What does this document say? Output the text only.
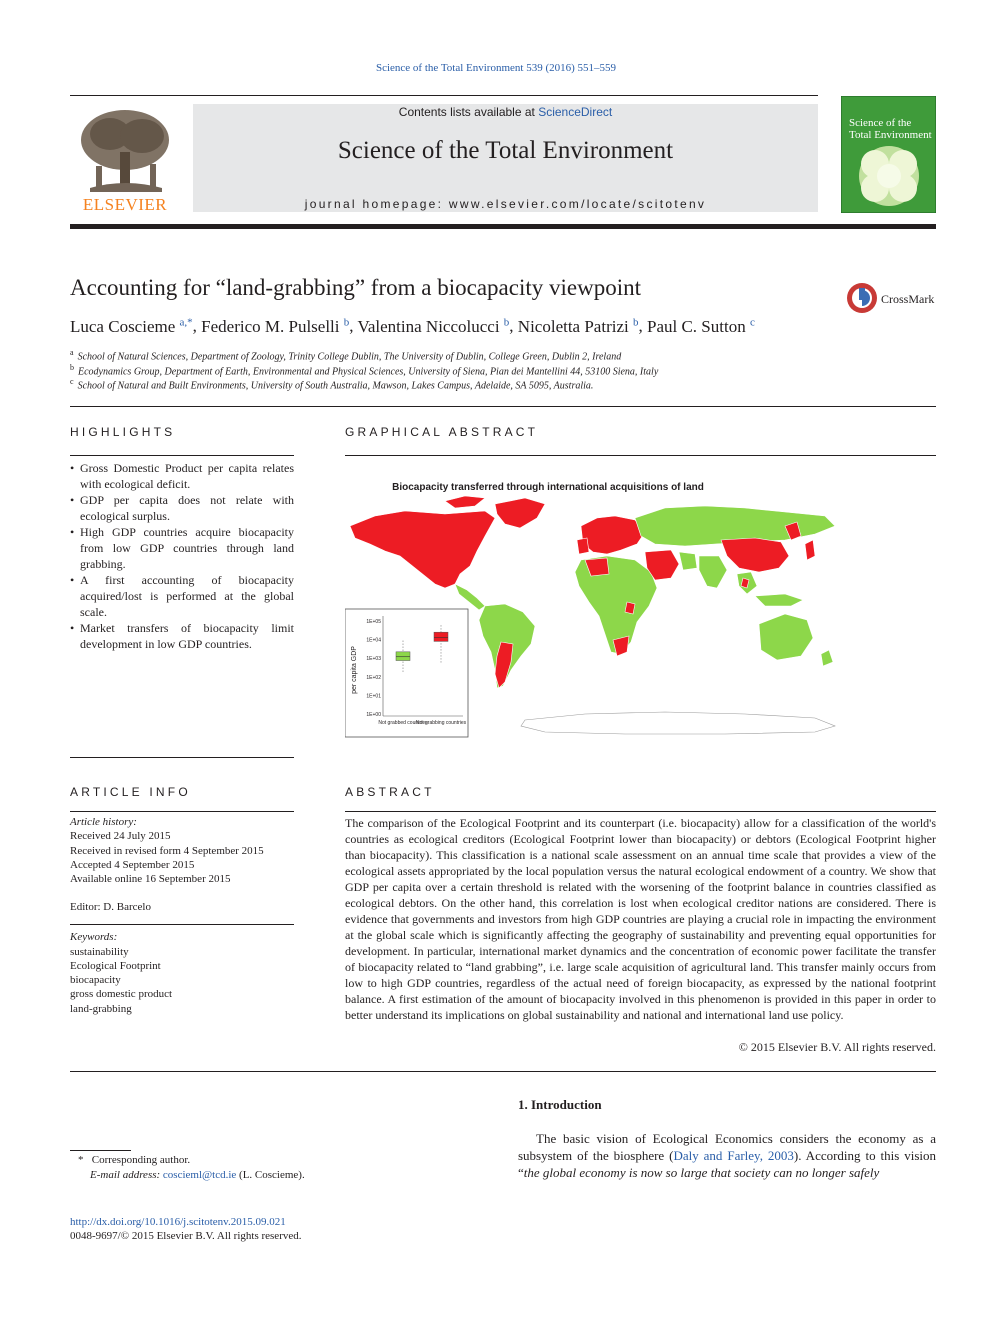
Science of the Total Environment 539 (2016) 551–559
ELSEVIER
Contents lists available at ScienceDirect
Science of the Total Environment
journal homepage: www.elsevier.com/locate/scitotenv
Science of the
Total Environment
Accounting for “land-grabbing” from a biocapacity viewpoint	CrossMark
Luca Coscieme $^{a,*}$, Federico M. Pulselli $^b$, Valentina Niccolucci $^b$, Nicoletta Patrizi $^b$, Paul C. Sutton $^c$
$^a$ School of Natural Sciences, Department of Zoology, Trinity College Dublin, The University of Dublin, College Green, Dublin 2, Ireland
$^b$ Ecodynamics Group, Department of Earth, Environmental and Physical Sciences, University of Siena, Pian dei Mantellini 44, 53100 Siena, Italy
$^c$ School of Natural and Built Environments, University of South Australia, Mawson, Lakes Campus, Adelaide, SA 5095, Australia.
HIGHLIGHTS
• Gross Domestic Product per capita relates with ecological deficit.
• GDP per capita does not relate with ecological surplus.
• High GDP countries acquire biocapacity from low GDP countries through land grabbing.
• A first accounting of biocapacity acquired/lost is performed at the global scale.
• Market transfers of biocapacity limit development in low GDP countries.
GRAPHICAL ABSTRACT
Biocapacity transferred through international acquisitions of land
per capita GDP
1E+05
1E+04
1E+03
1E+02
1E+01
1E+00
Not grabbed countries
Not grabbing countries
ARTICLE INFO
Article history:
Received 24 July 2015
Received in revised form 4 September 2015
Accepted 4 September 2015
Available online 16 September 2015
Editor: D. Barcelo
Keywords:
sustainability
Ecological Footprint
biocapacity
gross domestic product
land-grabbing
ABSTRACT

The comparison of the Ecological Footprint and its counterpart (i.e. biocapacity) allow for a classification of the world's countries as ecological creditors (Ecological Footprint lower than biocapacity) or debtors (Ecological Footprint higher than biocapacity). This classification is a national scale assessment on an annual time scale that provides a view of the ecological assets appropriated by the local population versus the natural ecological endowment of a country. We show that GDP per capita over a certain threshold is related with the worsening of the footprint balance in countries classified as ecological debtors. On the other hand, this correlation is lost when ecological creditor nations are considered. There is evidence that governments and investors from high GDP countries are playing a crucial role in impacting the environment at the global scale which is significantly affecting the geography of sustainability and preventing equal opportunities for development. In particular, international market dynamics and the concentration of economic power facilitate the transfer of biocapacity related to “land grabbing”, i.e. large scale acquisition of agricultural land. This transfer mainly occurs from low to high GDP countries, regardless of the actual need of foreign biocapacity, as expressed by the national footprint balance. A first estimation of the amount of biocapacity involved in this phenomenon is provided in this paper in order to better understand its implications on global sustainability and national and international land use policy.

© 2015 Elsevier B.V. All rights reserved.
1. Introduction

The basic vision of Ecological Economics considers the economy as a subsystem of the biosphere (Daly and Farley, 2003). According to this vision “the global economy is now so large that society can no longer safely

* Corresponding author.
E-mail address: coscieml@tcd.ie (L. Coscieme).
http://dx.doi.org/10.1016/j.scitotenv.2015.09.021
0048-9697/© 2015 Elsevier B.V. All rights reserved.
